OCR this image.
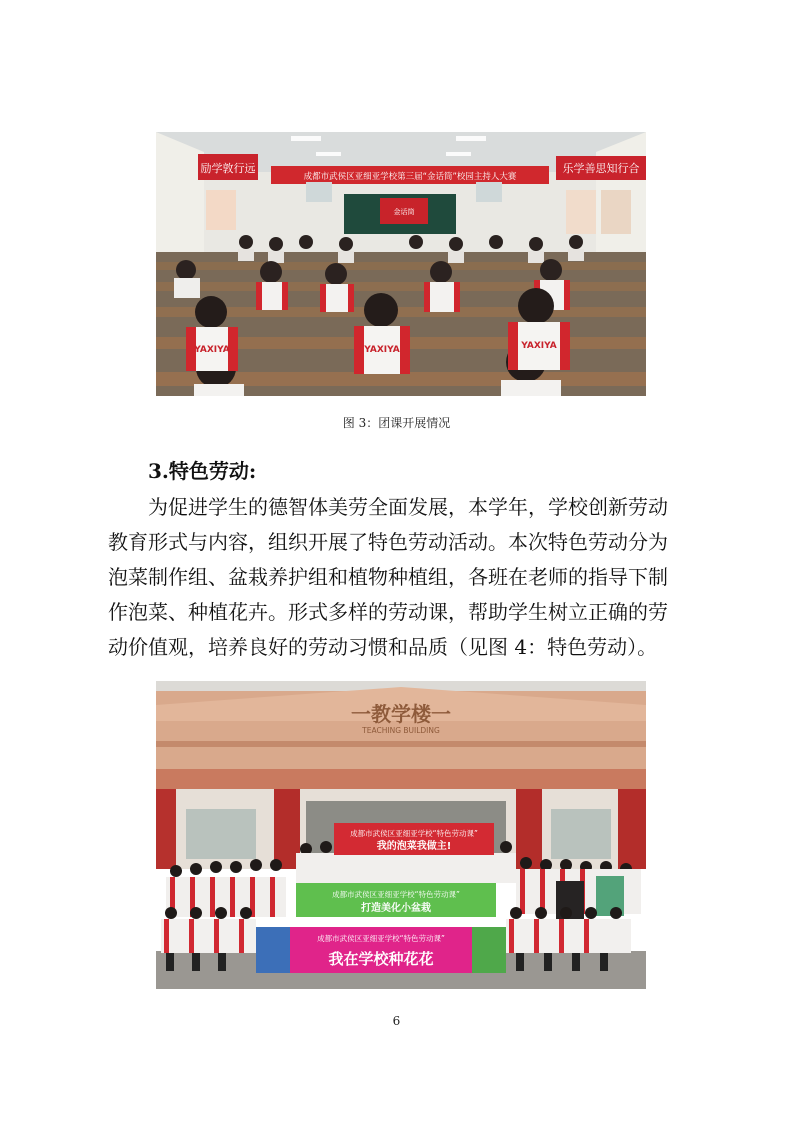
励学敦行远
成都市武侯区亚细亚学校第三届“金话筒”校园主持人大赛
乐学善思知行合
金话筒
YAXIYA	YAXIYA	YAXIYA
图 3：团课开展情况
3.特色劳动:
为促进学生的德智体美劳全面发展，本学年，学校创新劳动
教育形式与内容，组织开展了特色劳动活动。本次特色劳动分为
泡菜制作组、盆栽养护组和植物种植组，各班在老师的指导下制
作泡菜、种植花卉。形式多样的劳动课，帮助学生树立正确的劳
动价值观，培养良好的劳动习惯和品质（见图 4：特色劳动）。
一教学楼一
TEACHING BUILDING
成都市武侯区亚细亚学校“特色劳动课”
我的泡菜我做主!
成都市武侯区亚细亚学校“特色劳动课”
打造美化小盆栽
成都市武侯区亚细亚学校“特色劳动课”
我在学校种花花
6
